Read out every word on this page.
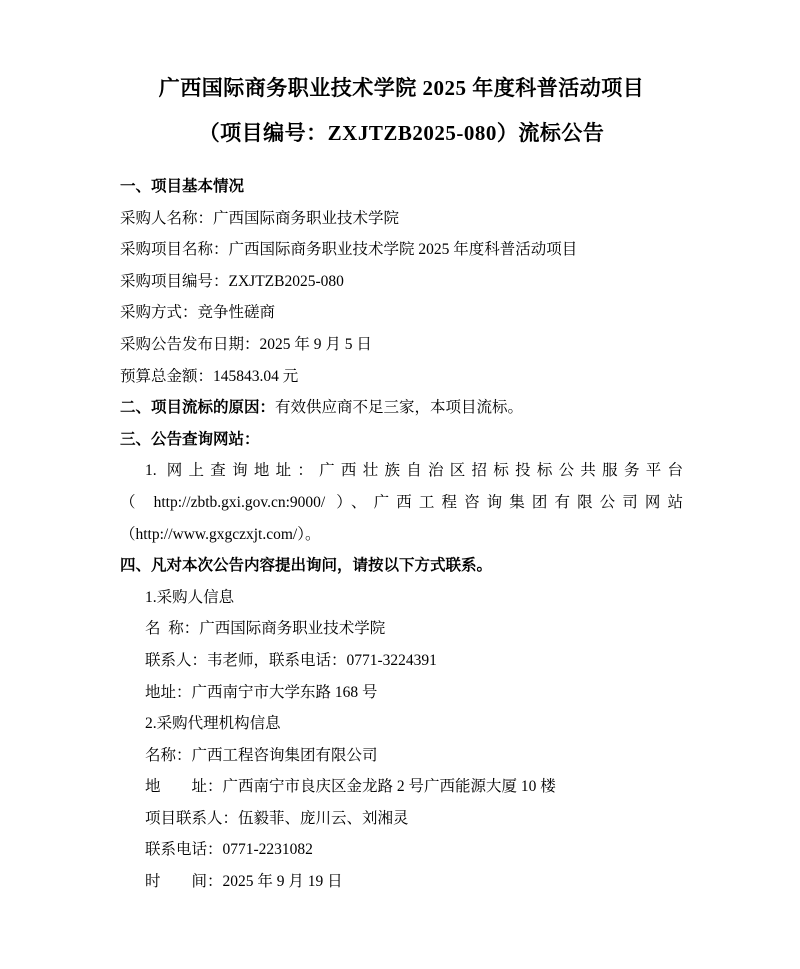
广西国际商务职业技术学院 2025 年度科普活动项目
（项目编号：ZXJTZB2025-080）流标公告
一、项目基本情况
采购人名称：广西国际商务职业技术学院
采购项目名称：广西国际商务职业技术学院 2025 年度科普活动项目
采购项目编号：ZXJTZB2025-080
采购方式：竞争性磋商
采购公告发布日期：2025 年 9 月 5 日
预算总金额：145843.04 元
二、项目流标的原因：有效供应商不足三家，本项目流标。
三、公告查询网站：
1. 网上查询地址：广西壮族自治区招标投标公共服务平台
（ http://zbtb.gxi.gov.cn:9000/ ）、广西工程咨询集团有限公司网站
（http://www.gxgczxjt.com/）。
四、凡对本次公告内容提出询问，请按以下方式联系。
1.采购人信息
名  称：广西国际商务职业技术学院
联系人：韦老师，联系电话：0771-3224391
地址：广西南宁市大学东路 168 号
2.采购代理机构信息
名称：广西工程咨询集团有限公司
地　　址：广西南宁市良庆区金龙路 2 号广西能源大厦 10 楼
项目联系人：伍毅菲、庞川云、刘湘灵
联系电话：0771-2231082
时　　间：2025 年 9 月 19 日
